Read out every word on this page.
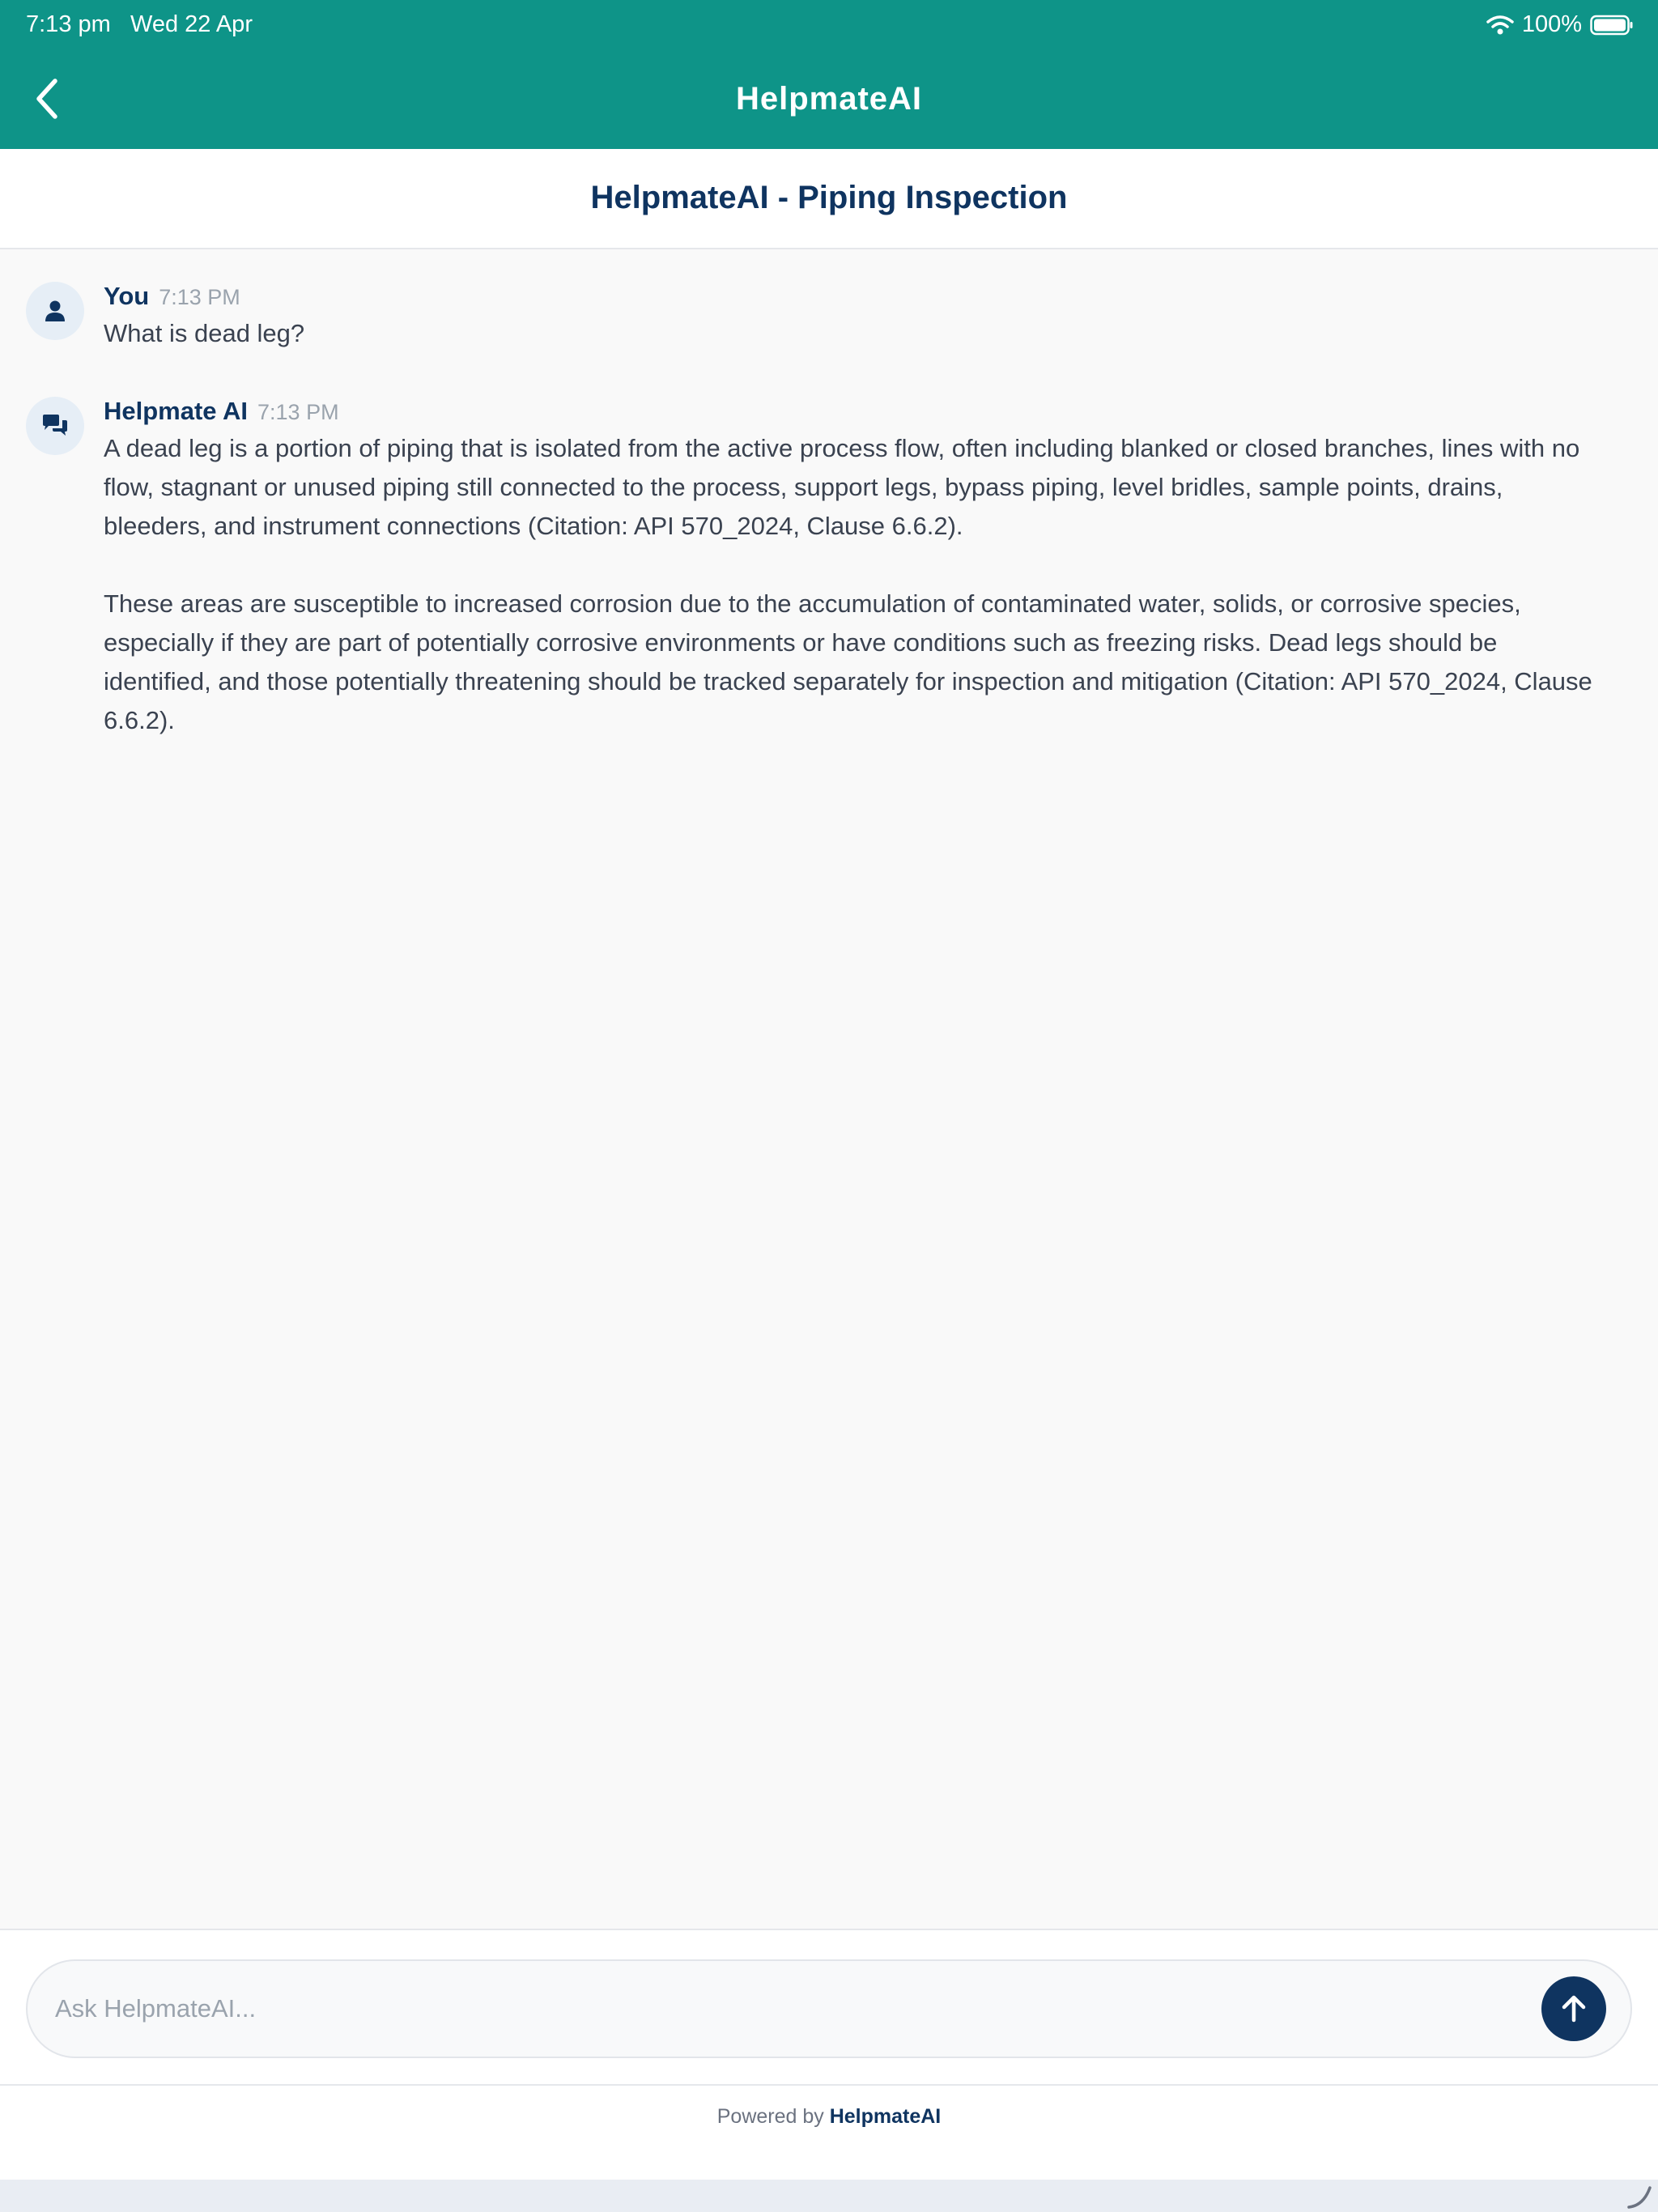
7:13 pm Wed 22 Apr	100%
HelpmateAI
HelpmateAI - Piping Inspection
You 7:13 PM

What is dead leg?

Helpmate AI 7:13 PM

A dead leg is a portion of piping that is isolated from the active process flow, often including blanked or closed branches, lines with no flow, stagnant or unused piping still connected to the process, support legs, bypass piping, level bridles, sample points, drains, bleeders, and instrument connections (Citation: API 570_2024, Clause 6.6.2).

These areas are susceptible to increased corrosion due to the accumulation of contaminated water, solids, or corrosive species, especially if they are part of potentially corrosive environments or have conditions such as freezing risks. Dead legs should be identified, and those potentially threatening should be tracked separately for inspection and mitigation (Citation: API 570_2024, Clause 6.6.2).

Ask HelpmateAI...
Powered by HelpmateAI
